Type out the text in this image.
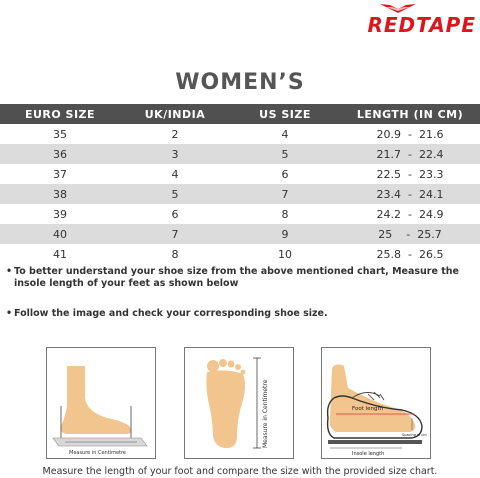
REDTAPE
WOMEN’S
EURO SIZE	UK/INDIA	US SIZE	LENGTH (IN CM)
35	2	4	20.9  -  21.6
36	3	5	21.7  -  22.4
37	4	6	22.5  -  23.3
38	5	7	23.4  -  24.1
39	6	8	24.2  -  24.9
40	7	9	25    -  25.7
41	8	10	25.8  -  26.5
• To better understand your shoe size from the above mentioned chart, Measure the insole length of your feet as shown below
• Follow the image and check your corresponding shoe size.
Measure in Centimetre
Measure in Centimetre	Foot length
Insole length
Spacing in cm
Measure the length of your foot and compare the size with the provided size chart.
